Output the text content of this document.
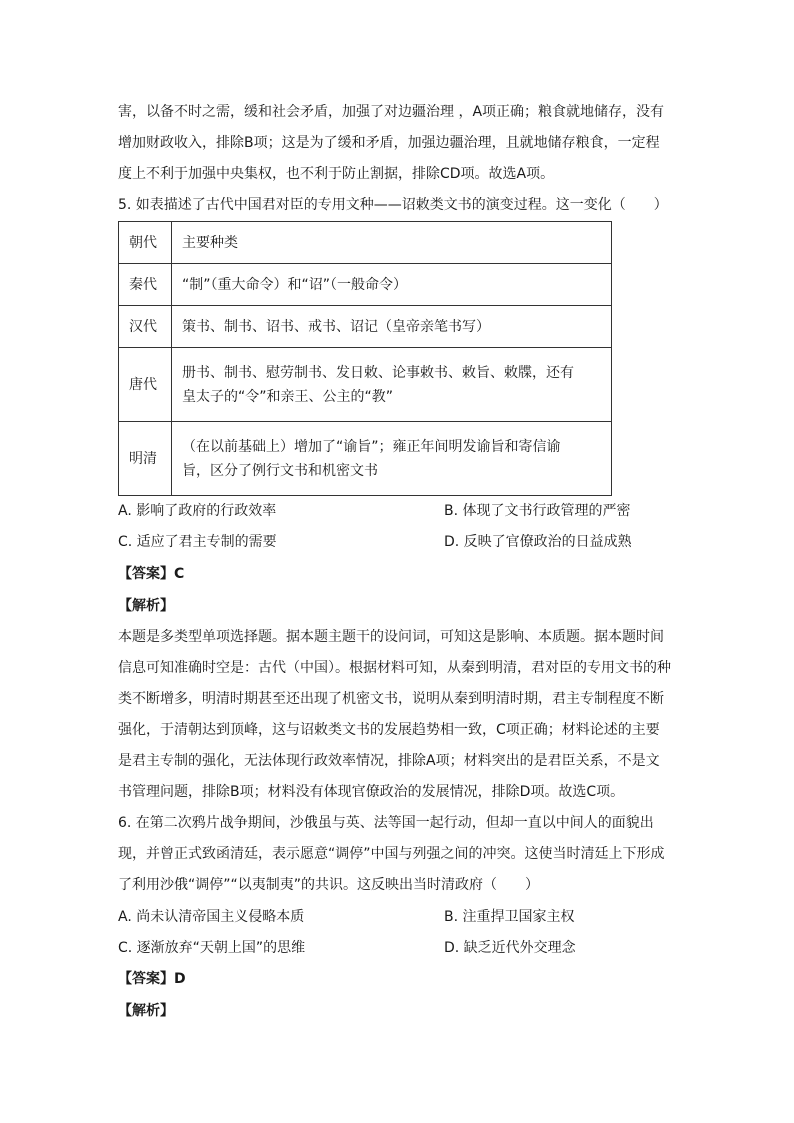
害，以备不时之需，缓和社会矛盾，加强了对边疆治理 ，A项正确；粮食就地储存，没有
增加财政收入，排除B项；这是为了缓和矛盾，加强边疆治理，且就地储存粮食，一定程
度上不利于加强中央集权，也不利于防止割据，排除CD项。故选A项。
5. 如表描述了古代中国君对臣的专用文种——诏敕类文书的演变过程。这一变化（　　）
朝代	主要种类
秦代	“制”（重大命令）和“诏”（一般命令）
汉代	策书、制书、诏书、戒书、诏记（皇帝亲笔书写）
唐代	册书、制书、慰劳制书、发日敕、论事敕书、敕旨、敕牒，还有
皇太子的“令”和亲王、公主的“教”

明清	（在以前基础上）增加了“谕旨”；雍正年间明发谕旨和寄信谕
旨，区分了例行文书和机密文书
A. 影响了政府的行政效率	B. 体现了文书行政管理的严密
C. 适应了君主专制的需要	D. 反映了官僚政治的日益成熟
【答案】C
【解析】
本题是多类型单项选择题。据本题主题干的设问词，可知这是影响、本质题。据本题时间
信息可知准确时空是：古代（中国）。根据材料可知，从秦到明清，君对臣的专用文书的种
类不断增多，明清时期甚至还出现了机密文书，说明从秦到明清时期，君主专制程度不断
强化，于清朝达到顶峰，这与诏敕类文书的发展趋势相一致，C项正确；材料论述的主要
是君主专制的强化，无法体现行政效率情况，排除A项；材料突出的是君臣关系，不是文
书管理问题，排除B项；材料没有体现官僚政治的发展情况，排除D项。故选C项。
6. 在第二次鸦片战争期间，沙俄虽与英、法等国一起行动，但却一直以中间人的面貌出
现，并曾正式致函清廷，表示愿意“调停”中国与列强之间的冲突。这使当时清廷上下形成
了利用沙俄“调停”“以夷制夷”的共识。这反映出当时清政府（　　）
A. 尚未认清帝国主义侵略本质	B. 注重捍卫国家主权
C. 逐渐放弃“天朝上国”的思维	D. 缺乏近代外交理念
【答案】D
【解析】
